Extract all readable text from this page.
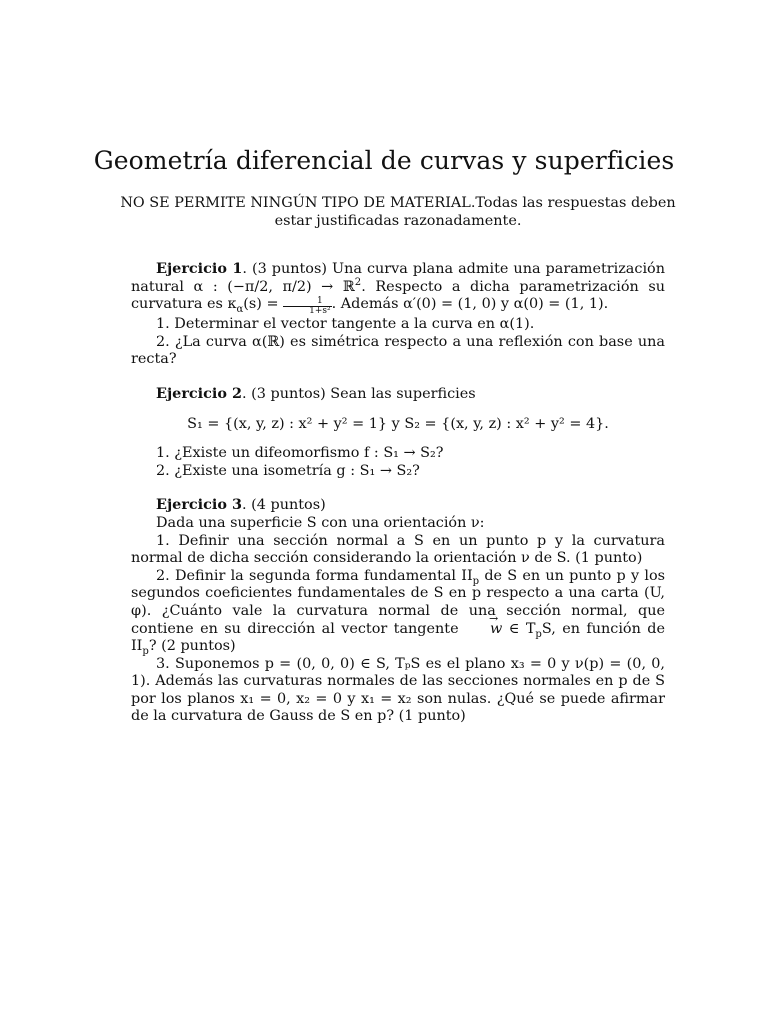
Geometría diferencial de curvas y superficies
NO SE PERMITE NINGÚN TIPO DE MATERIAL.Todas las respuestas deben estar justificadas razonadamente.

Ejercicio 1. (3 puntos) Una curva plana admite una parametrización natural α : (−π/2, π/2) → ℝ$^2$. Respecto a dicha parametrización su curvatura es $\kappa_\alpha(s) = \frac{1}{\text{1+s²}}$ . Además α′(0) = (1, 0) y α(0) = (1, 1).

1. Determinar el vector tangente a la curva en α(1).

2. ¿La curva α(ℝ) es simétrica respecto a una reflexión con base una recta?

Ejercicio 2. (3 puntos) Sean las superficies

S₁ = {(x, y, z) : x² + y² = 1} y S₂ = {(x, y, z) : x² + y² = 4}.

1. ¿Existe un difeomorfismo f : S₁ → S₂?

2. ¿Existe una isometría g : S₁ → S₂?

Ejercicio 3. (4 puntos)

Dada una superficie S con una orientación ν:

1. Definir una sección normal a S en un punto p y la curvatura normal de dicha sección considerando la orientación ν de S. (1 punto)

2. Definir la segunda forma fundamental $II_p$ de S en un punto p y los segundos coeficientes fundamentales de S en p respecto a una carta (U, φ). ¿Cuánto vale la curvatura normal de una sección normal, que contiene en su dirección al vector tangente → w ∈ $T_pS$, en función de $II_p$? (2 puntos)

3. Suponemos p = (0, 0, 0) ∈ S, TₚS es el plano x₃ = 0 y ν(p) = (0, 0, 1). Además las curvaturas normales de las secciones normales en p de S por los planos x₁ = 0, x₂ = 0 y x₁ = x₂ son nulas. ¿Qué se puede afirmar de la curvatura de Gauss de S en p? (1 punto)
